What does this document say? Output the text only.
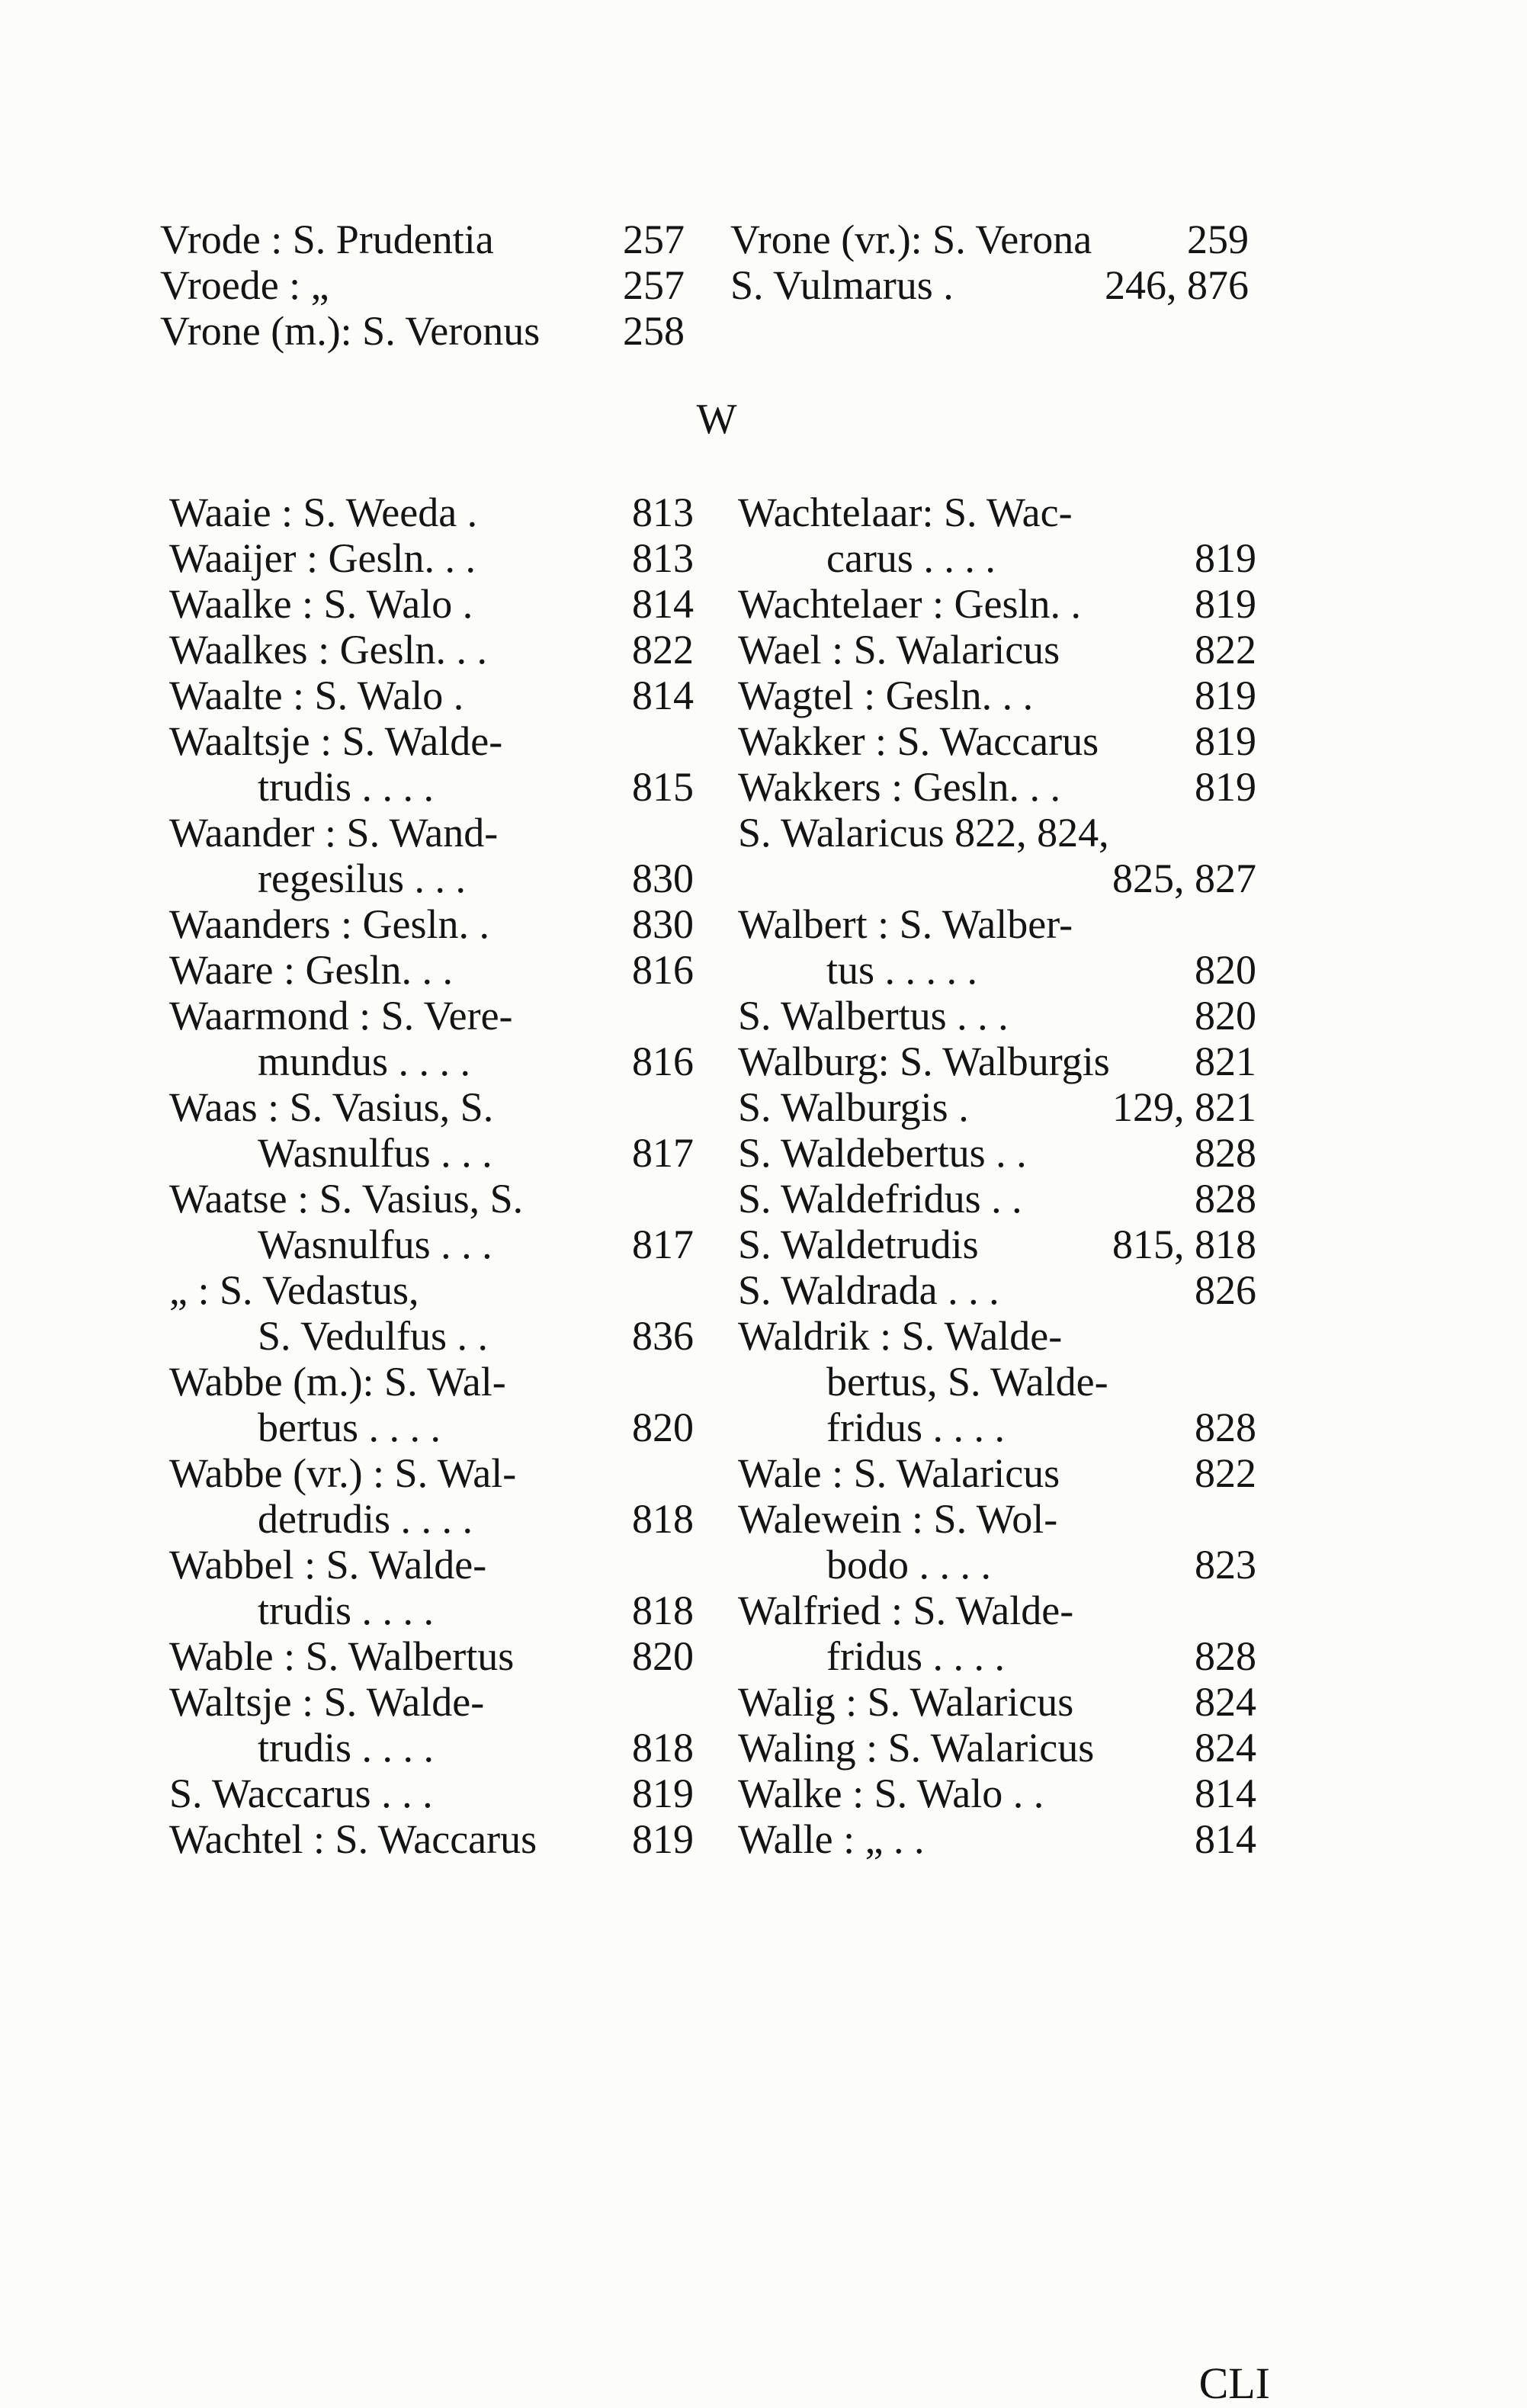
Vrode : S. Prudentia	257
Vroede : „	257
Vrone (m.): S. Veronus 258
Vrone (vr.): S. Verona 259
S. Vulmarus .	246, 876
W
Waaie : S. Weeda .	813
Waaijer : Gesln. . .	813
Waalke : S. Walo .	814
Waalkes : Gesln. . .	822
Waalte : S. Walo .	814
Waaltsje : S. Walde-
trudis . . . .	815
Waander : S. Wand-
regesilus . . .	830
Waanders : Gesln. .	830
Waare : Gesln. . .	816
Waarmond : S. Vere-
mundus . . . .	816
Waas : S. Vasius, S.
Wasnulfus . . .	817
Waatse : S. Vasius, S.
Wasnulfus . . .	817
„ : S. Vedastus,
S. Vedulfus . .	836
Wabbe (m.): S. Wal-
bertus . . . .	820
Wabbe (vr.) : S. Wal-
detrudis . . . .	818
Wabbel : S. Walde-
trudis . . . .	818
Wable : S. Walbertus	820
Waltsje : S. Walde-
trudis . . . .	818
S. Waccarus . . .	819
Wachtel : S. Waccarus 819
Wachtelaar: S. Wac-
carus . . . .	819
Wachtelaer : Gesln. .	819
Wael : S. Walaricus	822
Wagtel : Gesln. . .	819
Wakker : S. Waccarus 819
Wakkers : Gesln. . .	819
S. Walaricus 822, 824,
825, 827
Walbert : S. Walber-
tus . . . . .	820
S. Walbertus . . .	820
Walburg: S. Walburgis 821
S. Walburgis .	129, 821
S. Waldebertus . .	828
S. Waldefridus . .	828
S. Waldetrudis	815, 818
S. Waldrada . . .	826
Waldrik : S. Walde-
bertus, S. Walde-
fridus . . . .	828
Wale : S. Walaricus	822
Walewein : S. Wol-
bodo . . . .	823
Walfried : S. Walde-
fridus . . . .	828
Walig : S. Walaricus	824
Waling : S. Walaricus 824
Walke : S. Walo . .	814
Walle : „ . .	814
CLI
